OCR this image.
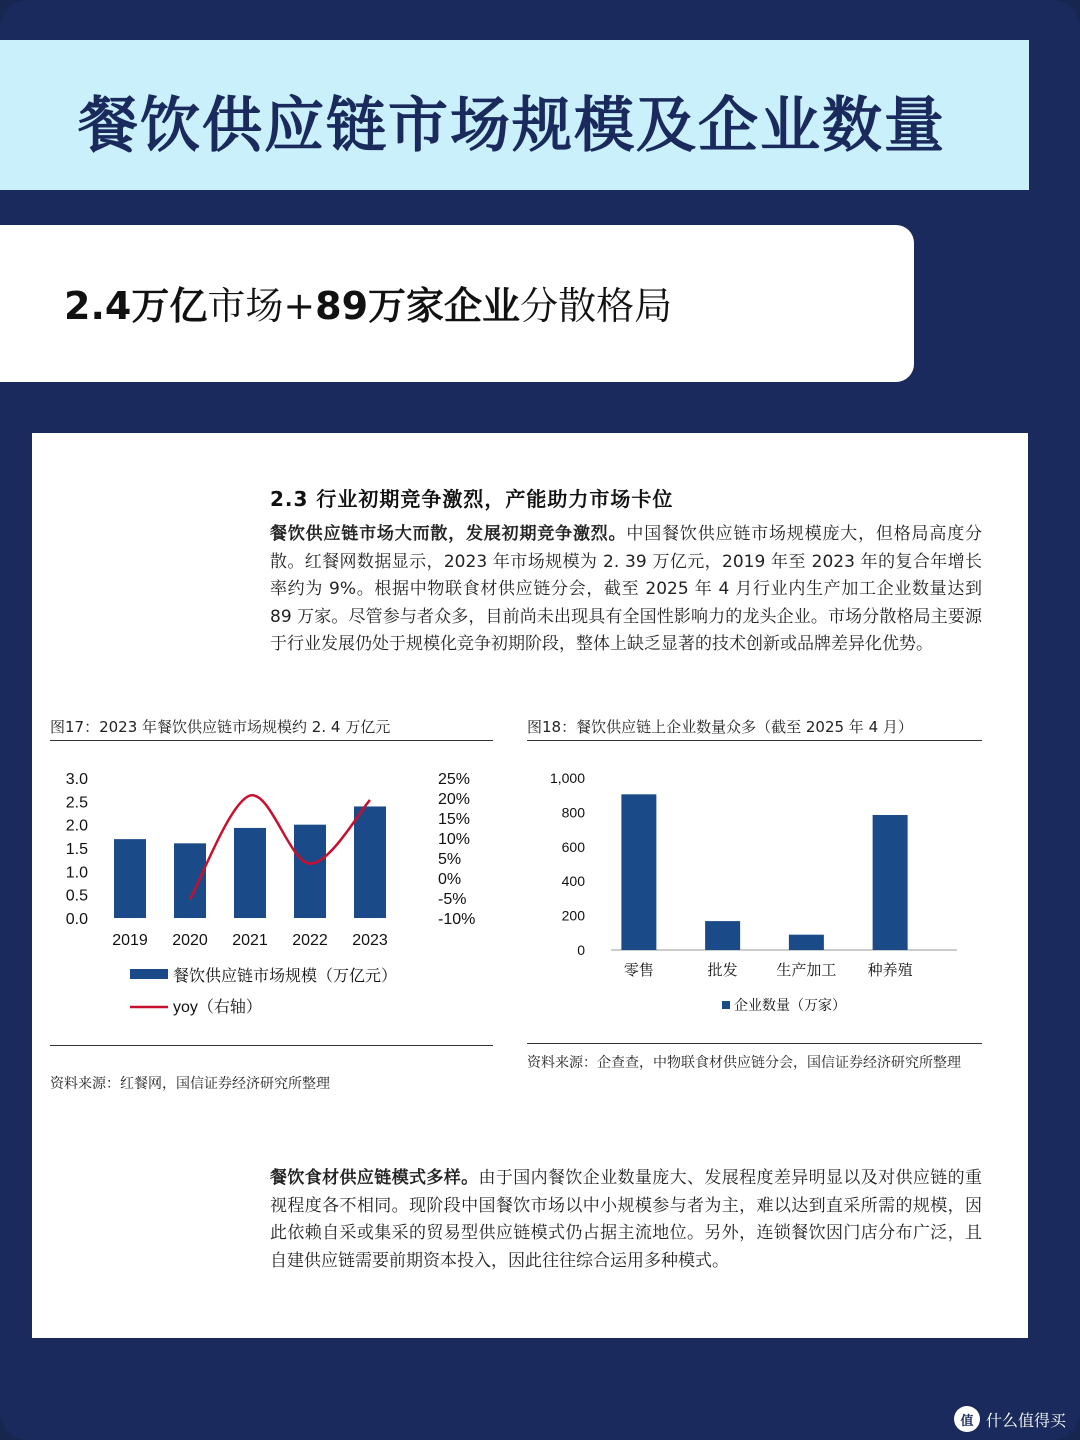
餐饮供应链市场规模及企业数量
2.4万亿市场+89万家企业分散格局
2.3 行业初期竞争激烈，产能助力市场卡位
餐饮供应链市场大而散，发展初期竞争激烈。中国餐饮供应链市场规模庞大，但格局高度分散。红餐网数据显示，2023 年市场规模为 2. 39 万亿元，2019 年至 2023 年的复合年增长率约为 9%。根据中物联食材供应链分会，截至 2025 年 4 月行业内生产加工企业数量达到 89 万家。尽管参与者众多，目前尚未出现具有全国性影响力的龙头企业。市场分散格局主要源于行业发展仍处于规模化竞争初期阶段，整体上缺乏显著的技术创新或品牌差异化优势。
图17：2023 年餐饮供应链市场规模约 2. 4 万亿元
3.0
2.5
2.0
1.5
1.0
0.5
0.0
25%
20%
15%
10%
5%
0%
-5%
-10%
2019 2020 2021 2022 2023
餐饮供应链市场规模（万亿元）
yoy（右轴）
资料来源：红餐网，国信证券经济研究所整理
图18：餐饮供应链上企业数量众多（截至 2025 年 4 月）
1,000
800
600
400
200
0
零售	批发	生产加工 种养殖
企业数量（万家）
资料来源：企查查，中物联食材供应链分会，国信证券经济研究所整理
餐饮食材供应链模式多样。由于国内餐饮企业数量庞大、发展程度差异明显以及对供应链的重视程度各不相同。现阶段中国餐饮市场以中小规模参与者为主，难以达到直采所需的规模，因此依赖自采或集采的贸易型供应链模式仍占据主流地位。另外，连锁餐饮因门店分布广泛，且自建供应链需要前期资本投入，因此往往综合运用多种模式。
值 什么值得买
